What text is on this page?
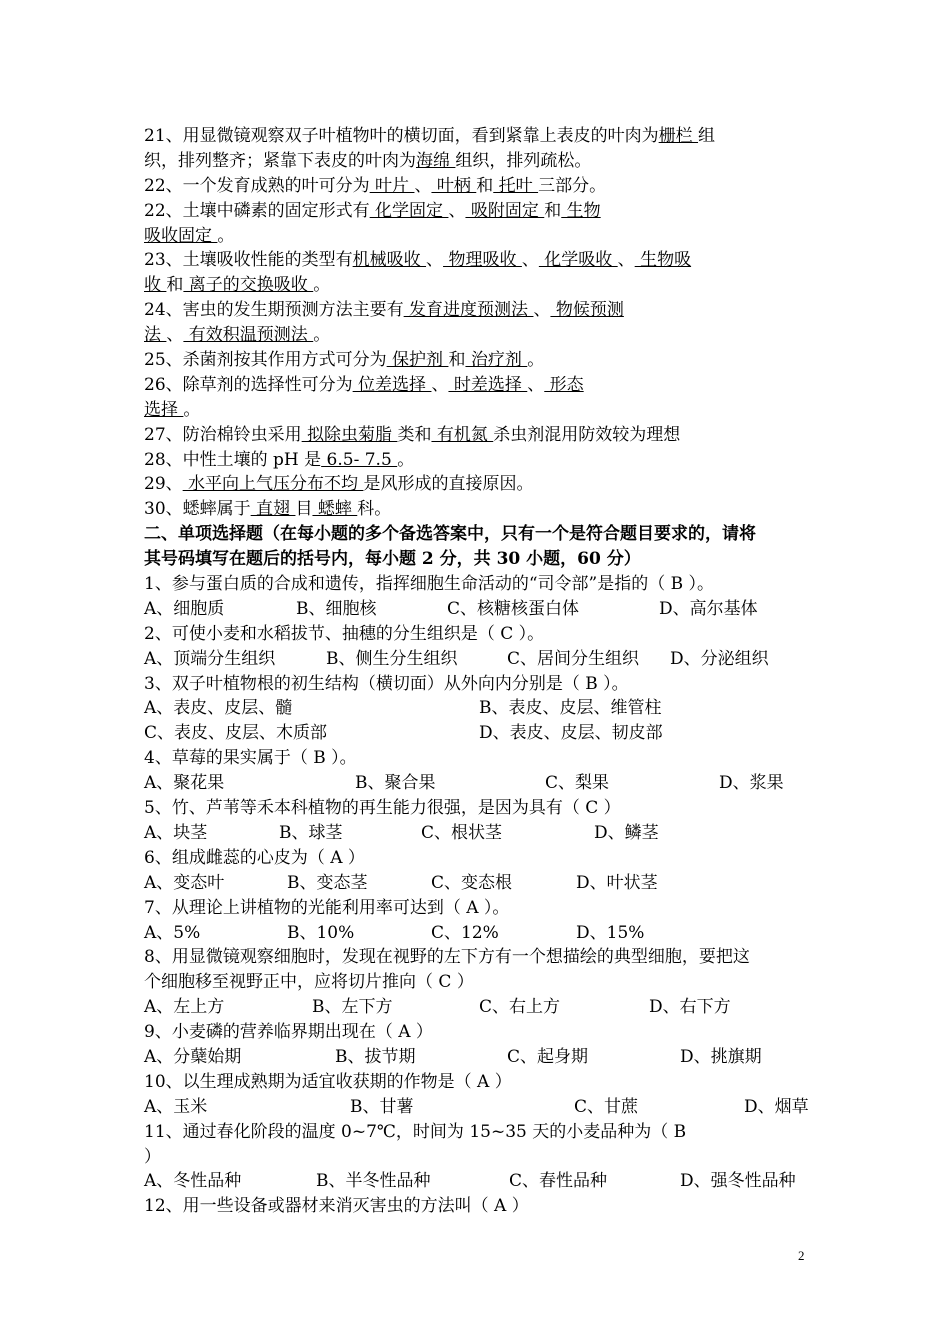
21、用显微镜观察双子叶植物叶的横切面，看到紧靠上表皮的叶肉为栅栏 组
织，排列整齐；紧靠下表皮的叶肉为海绵 组织，排列疏松。
22、一个发育成熟的叶可分为 叶片 、 叶柄 和 托叶 三部分。
22、土壤中磷素的固定形式有 化学固定 、 吸附固定 和 生物
吸收固定 。
23、土壤吸收性能的类型有机械吸收 、 物理吸收 、 化学吸收 、 生物吸
收 和 离子的交换吸收 。
24、害虫的发生期预测方法主要有 发育进度预测法 、 物候预测
法 、 有效积温预测法 。
25、杀菌剂按其作用方式可分为 保护剂 和 治疗剂 。
26、除草剂的选择性可分为 位差选择 、 时差选择 、 形态
选择 。
27、防治棉铃虫采用 拟除虫菊脂 类和 有机氮 杀虫剂混用防效较为理想
28、中性土壤的 pH 是 6.5- 7.5 。
29、 水平向上气压分布不均 是风形成的直接原因。
30、蟋蟀属于 直翅 目 蟋蟀 科。
二、单项选择题（在每小题的多个备选答案中，只有一个是符合题目要求的，请将
其号码填写在题后的括号内，每小题 2 分，共 30 小题，60 分）
1、参与蛋白质的合成和遗传，指挥细胞生命活动的“司令部”是指的（ B ）。
A、细胞质	B、细胞核	C、核糖核蛋白体	D、高尔基体
2、可使小麦和水稻拔节、抽穗的分生组织是（ C ）。
A、顶端分生组织	B、侧生分生组织	C、居间分生组织 D、分泌组织
3、双子叶植物根的初生结构（横切面）从外向内分别是（ B ）。
A、表皮、皮层、髓	B、表皮、皮层、维管柱
C、表皮、皮层、木质部	D、表皮、皮层、韧皮部
4、草莓的果实属于（ B ）。
A、聚花果	B、聚合果	C、梨果	D、浆果
5、竹、芦苇等禾本科植物的再生能力很强，是因为具有（ C ）
A、块茎	B、球茎	C、根状茎	D、鳞茎
6、组成雌蕊的心皮为（ A ）
A、变态叶	B、变态茎	C、变态根	D、叶状茎
7、从理论上讲植物的光能利用率可达到（ A ）。
A、5%	B、10%	C、12%	D、15%
8、用显微镜观察细胞时，发现在视野的左下方有一个想描绘的典型细胞，要把这
个细胞移至视野正中，应将切片推向（ C ）
A、左上方	B、左下方	C、右上方	D、右下方
9、小麦磷的营养临界期出现在（ A ）
A、分蘖始期	B、拔节期	C、起身期	D、挑旗期
10、以生理成熟期为适宜收获期的作物是（ A ）
A、玉米	B、甘薯	C、甘蔗	D、烟草
11、通过春化阶段的温度 0~7℃，时间为 15~35 天的小麦品种为（ B
）
A、冬性品种	B、半冬性品种	C、春性品种	D、强冬性品种
12、用一些设备或器材来消灭害虫的方法叫（ A ）
2
